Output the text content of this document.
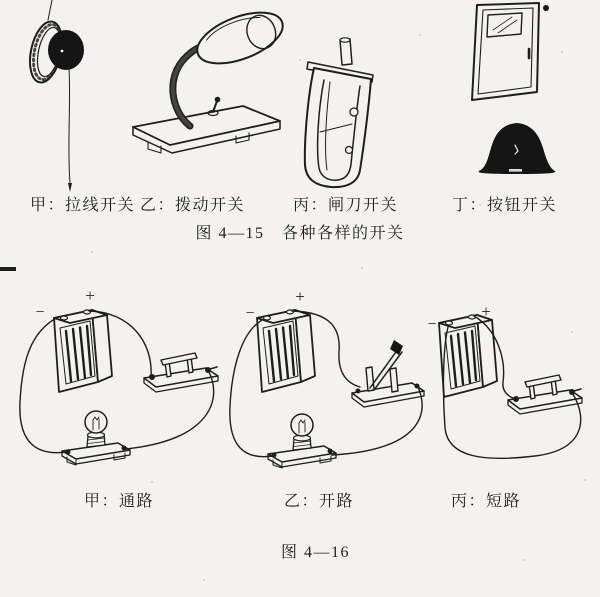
+
−
+
−	+
−
甲：拉线开关 乙：拨动开关	丙：闸刀开关	丁：按钮开关
图 4—15　各种各样的开关
甲：通路	乙：开路	丙：短路
图 4—16
